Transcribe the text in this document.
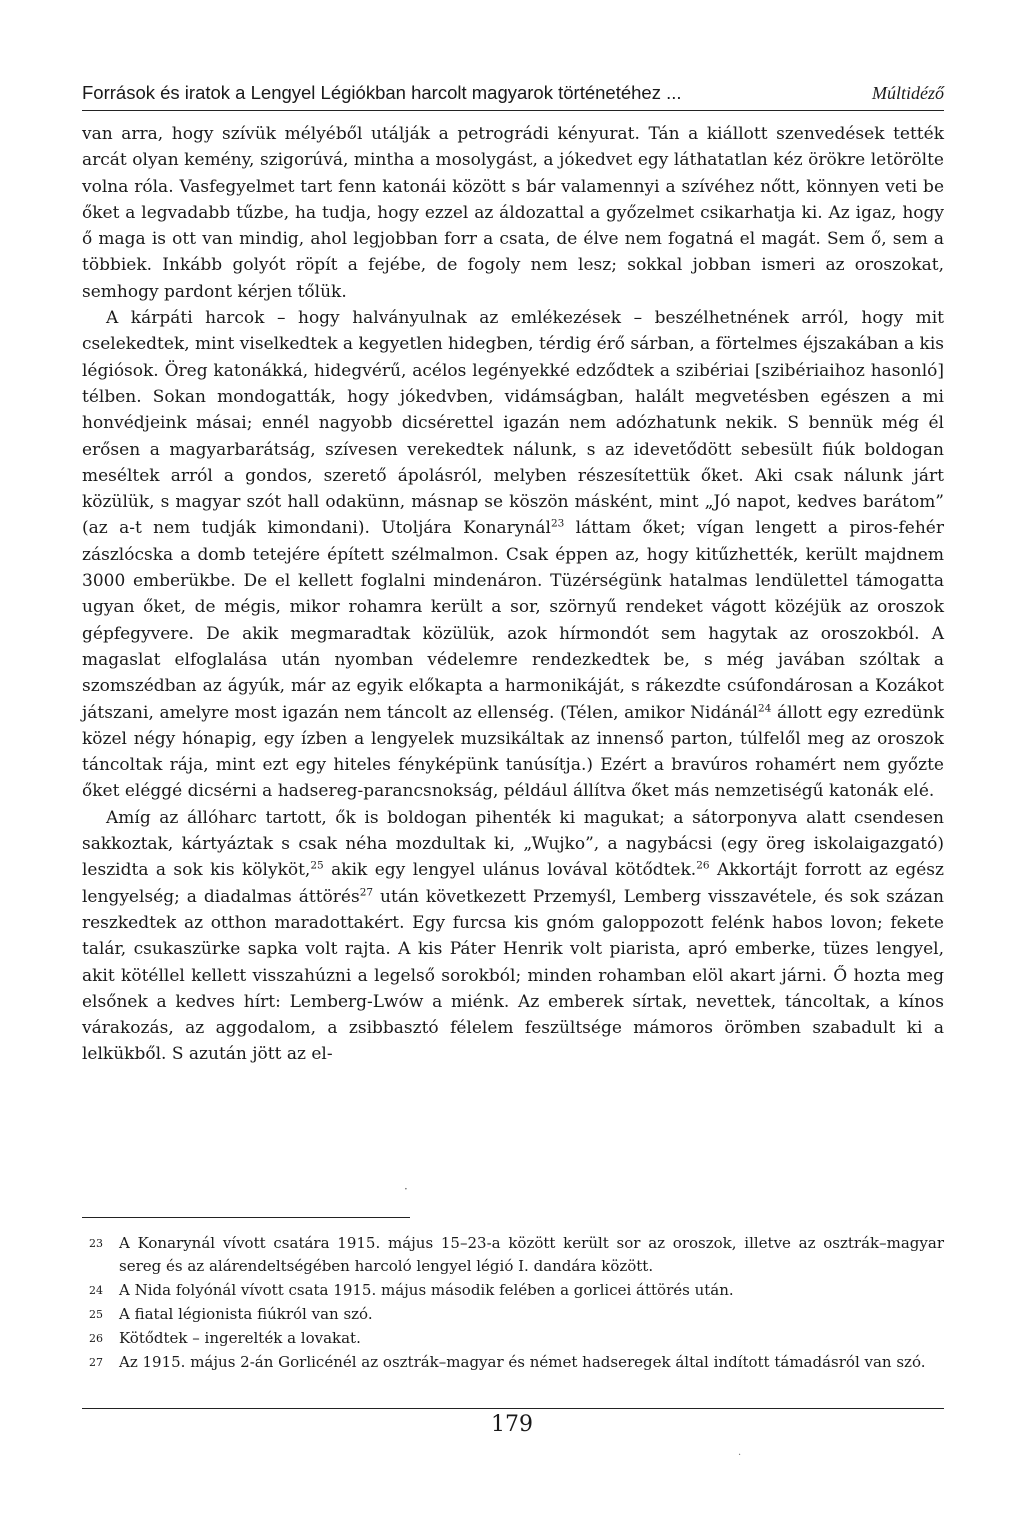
Források és iratok a Lengyel Légiókban harcolt magyarok történetéhez ...	Múltidéző

van arra, hogy szívük mélyéből utálják a petrográdi kényurat. Tán a kiállott szenvedések tették arcát olyan kemény, szigorúvá, mintha a mosolygást, a jókedvet egy láthatatlan kéz örökre letörölte volna róla. Vasfegyelmet tart fenn katonái között s bár valamennyi a szívéhez nőtt, könnyen veti be őket a legvadabb tűzbe, ha tudja, hogy ezzel az áldozattal a győzelmet csikarhatja ki. Az igaz, hogy ő maga is ott van mindig, ahol legjobban forr a csata, de élve nem fogatná el magát. Sem ő, sem a többiek. Inkább golyót röpít a fejébe, de fogoly nem lesz; sokkal jobban ismeri az oroszokat, semhogy pardont kérjen tőlük.

A kárpáti harcok – hogy halványulnak az emlékezések – beszélhetnének arról, hogy mit cselekedtek, mint viselkedtek a kegyetlen hidegben, térdig érő sárban, a förtelmes éjszakában a kis légiósok. Öreg katonákká, hidegvérű, acélos legényekké edződtek a szibériai [szibériaihoz hasonló] télben. Sokan mondogatták, hogy jókedvben, vidámságban, halált megvetésben egészen a mi honvédjeink másai; ennél nagyobb dicsérettel igazán nem adózhatunk nekik. S bennük még él erősen a magyarbarátság, szívesen verekedtek nálunk, s az idevetődött sebesült fiúk boldogan meséltek arról a gondos, szerető ápolásról, melyben részesítettük őket. Aki csak nálunk járt közülük, s magyar szót hall odakünn, másnap se köszön másként, mint „Jó napot, kedves barátom” (az a-t nem tudják kimondani). Utoljára Konarynál$^{23}$ láttam őket; vígan lengett a piros-fehér zászlócska a domb tetejére épített szélmalmon. Csak éppen az, hogy kitűzhették, került majdnem 3000 emberükbe. De el kellett foglalni mindenáron. Tüzérségünk hatalmas lendülettel támogatta ugyan őket, de mégis, mikor rohamra került a sor, szörnyű rendeket vágott közéjük az oroszok gépfegyvere. De akik megmaradtak közülük, azok hírmondót sem hagytak az oroszokból. A magaslat elfoglalása után nyomban védelemre rendezkedtek be, s még javában szóltak a szomszédban az ágyúk, már az egyik előkapta a harmonikáját, s rákezdte csúfondárosan a Kozákot játszani, amelyre most igazán nem táncolt az ellenség. (Télen, amikor Nidánál$^{24}$ állott egy ezredünk közel négy hónapig, egy ízben a lengyelek muzsikáltak az innenső parton, túlfelől meg az oroszok táncoltak rája, mint ezt egy hiteles fényképünk tanúsítja.) Ezért a bravúros rohamért nem győzte őket eléggé dicsérni a hadsereg-parancsnokság, például állítva őket más nemzetiségű katonák elé.

Amíg az állóharc tartott, ők is boldogan pihenték ki magukat; a sátorponyva alatt csendesen sakkoztak, kártyáztak s csak néha mozdultak ki, „Wujko”, a nagybácsi (egy öreg iskolaigazgató) leszidta a sok kis kölyköt,$^{25}$ akik egy lengyel ulánus lovával kötődtek.$^{26}$ Akkortájt forrott az egész lengyelség; a diadalmas áttörés$^{27}$ után következett Przemyśl, Lemberg visszavétele, és sok százan reszkedtek az otthon maradottakért. Egy furcsa kis gnóm galoppozott felénk habos lovon; fekete talár, csukaszürke sapka volt rajta. A kis Páter Henrik volt piarista, apró emberke, tüzes lengyel, akit kötéllel kellett visszahúzni a legelső sorokból; minden rohamban elöl akart járni. Ő hozta meg elsőnek a kedves hírt: Lemberg-Lwów a miénk. Az emberek sírtak, nevettek, táncoltak, a kínos várakozás, az aggodalom, a zsibbasztó félelem feszültsége mámoros örömben szabadult ki a lelkükből. S azután jött az el-

·
23	A Konarynál vívott csatára 1915. május 15–23-a között került sor az oroszok, illetve az osztrák–magyar sereg és az alárendeltségében harcoló lengyel légió I. dandára között.
24	A Nida folyónál vívott csata 1915. május második felében a gorlicei áttörés után.
25	A fiatal légionista fiúkról van szó.
26	Kötődtek – ingerelték a lovakat.
27	Az 1915. május 2-án Gorlicénél az osztrák–magyar és német hadseregek által indított támadásról van szó.
179
·
